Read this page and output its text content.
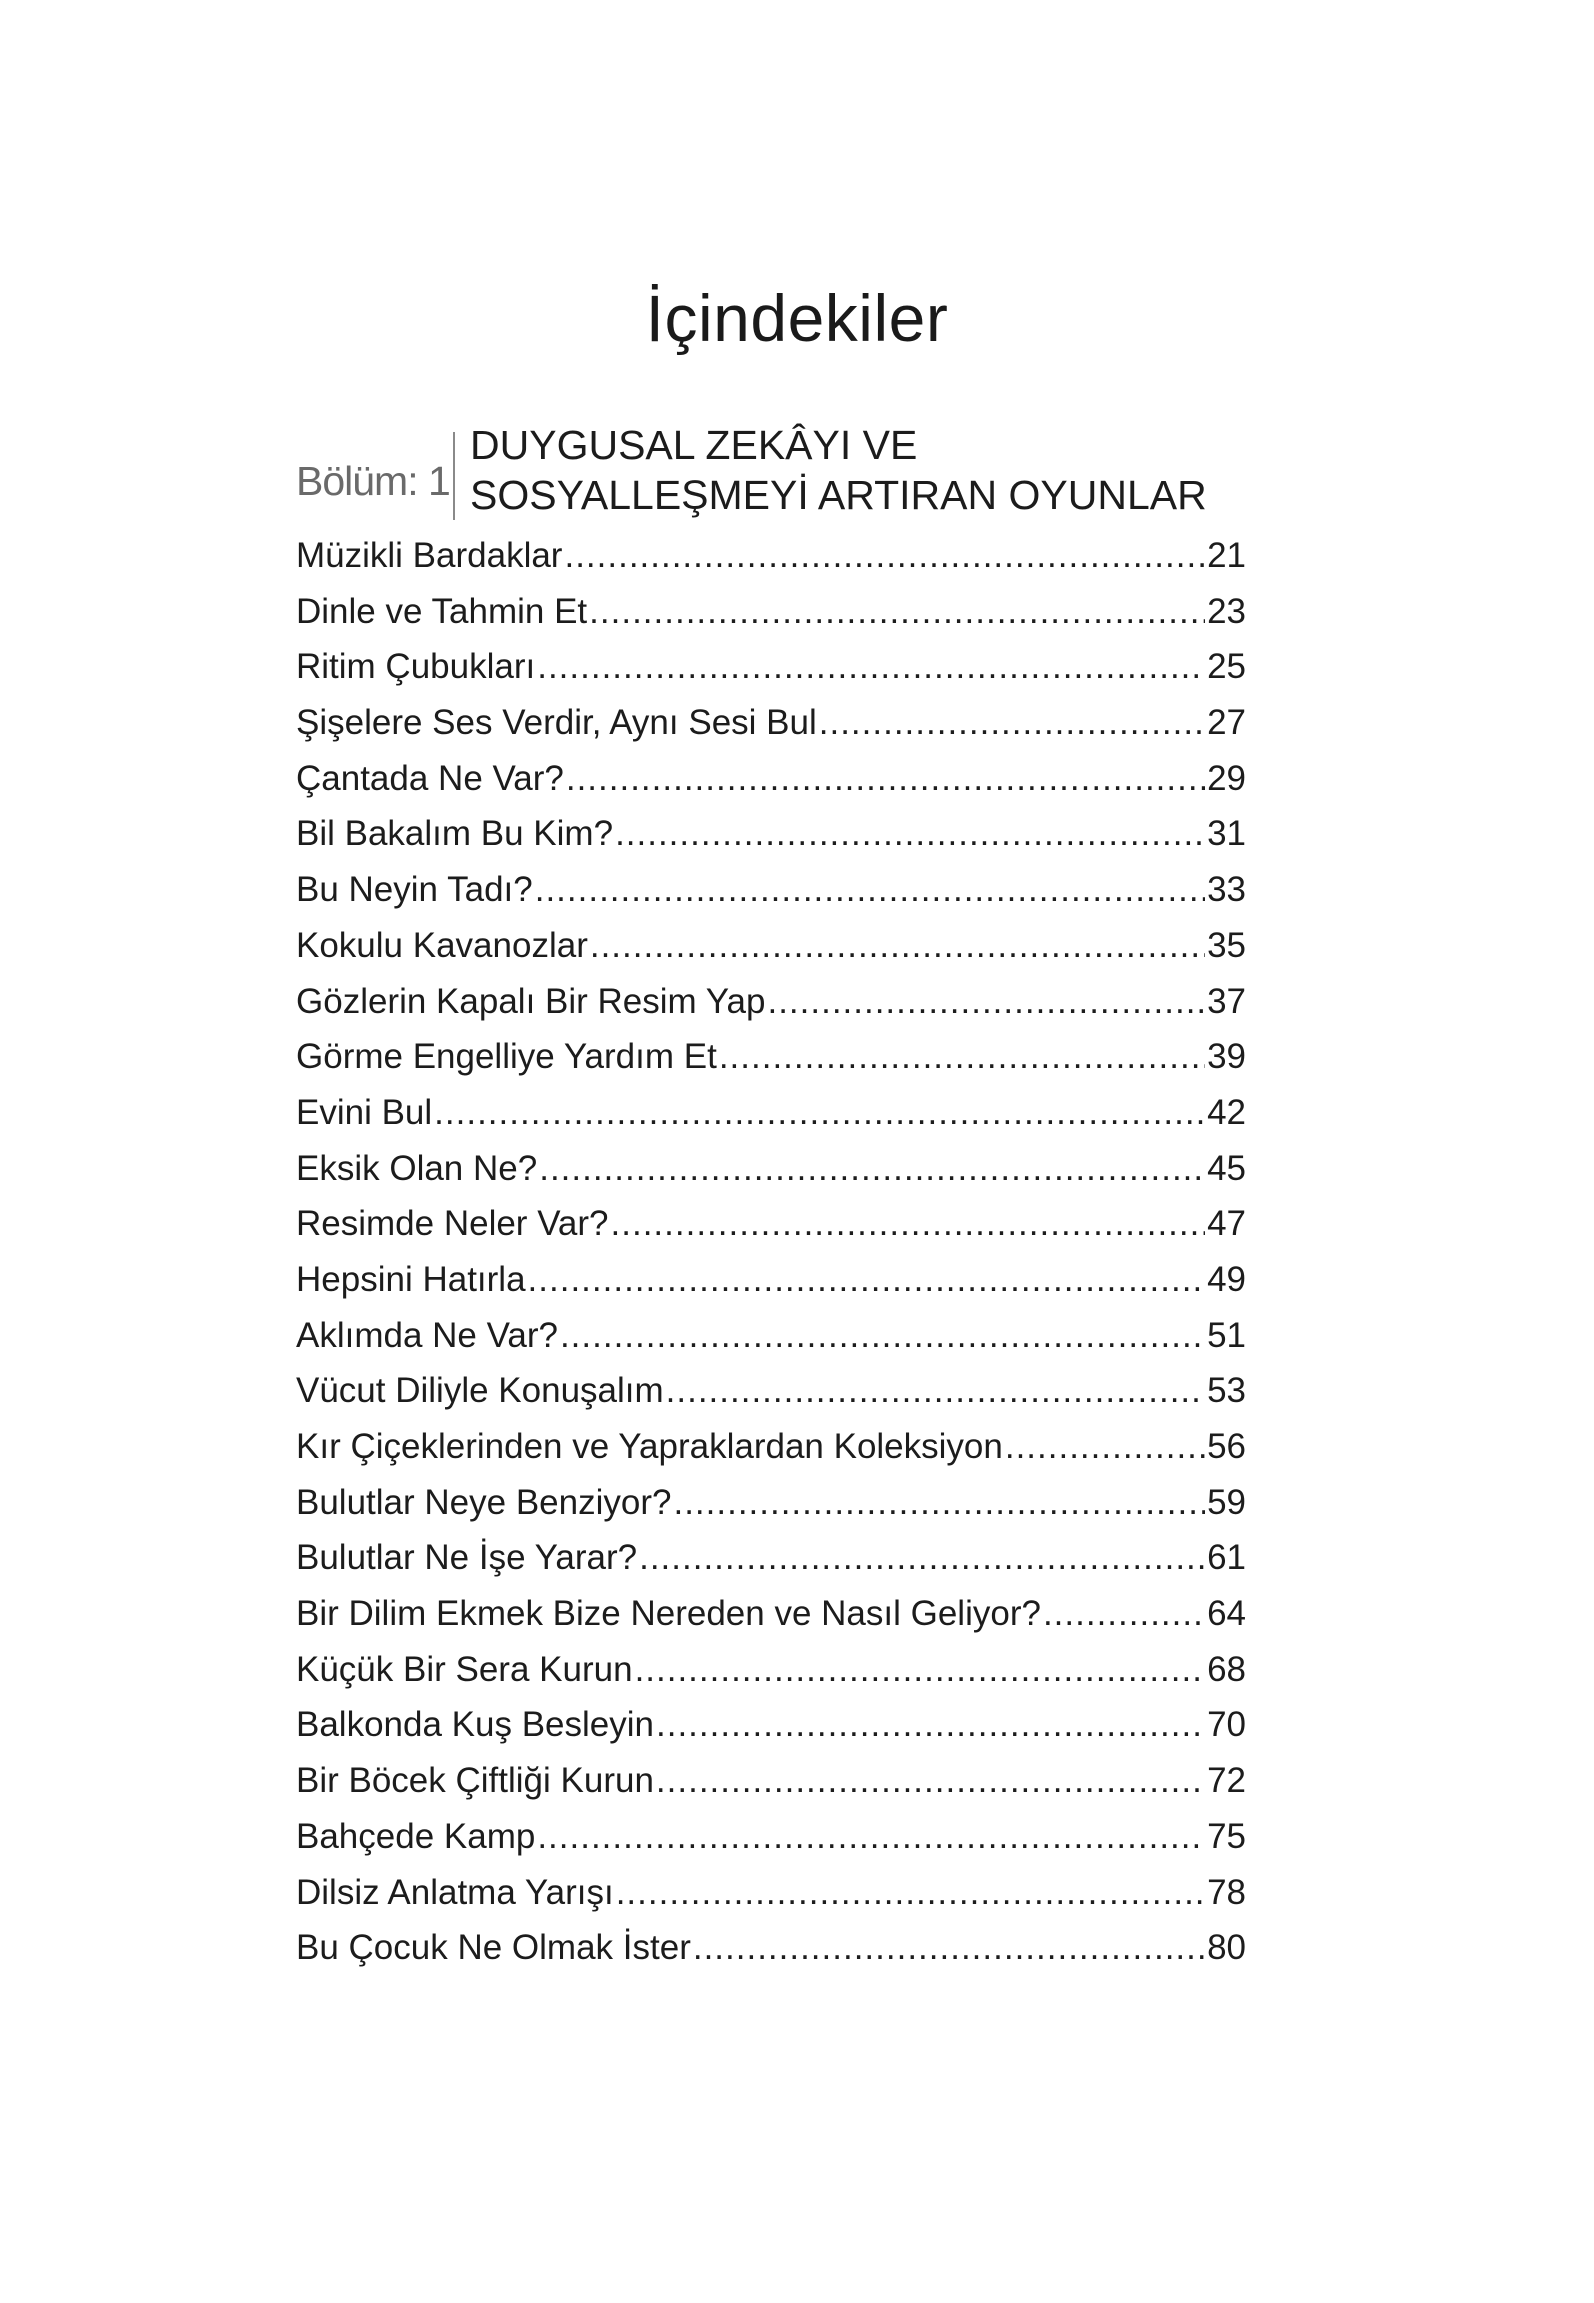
İçindekiler
Bölüm: 1
DUYGUSAL ZEKÂYI VE
SOSYALLEŞMEYİ ARTIRAN OYUNLAR
Müzikli Bardaklar .....	21
Dinle ve Tahmin Et .....	23
Ritim Çubukları .....	25
Şişelere Ses Verdir, Aynı Sesi Bul .....	27
Çantada Ne Var? .....	29
Bil Bakalım Bu Kim? .....	31
Bu Neyin Tadı? .....	33
Kokulu Kavanozlar .....	35
Gözlerin Kapalı Bir Resim Yap .....	37
Görme Engelliye Yardım Et .....	39
Evini Bul .....	42
Eksik Olan Ne? .....	45
Resimde Neler Var? .....	47
Hepsini Hatırla .....	49
Aklımda Ne Var? .....	51
Vücut Diliyle Konuşalım .....	53
Kır Çiçeklerinden ve Yapraklardan Koleksiyon .....	56
Bulutlar Neye Benziyor? .....	59
Bulutlar Ne İşe Yarar? .....	61
Bir Dilim Ekmek Bize Nereden ve Nasıl Geliyor? .....	64
Küçük Bir Sera Kurun .....	68
Balkonda Kuş Besleyin .....	70
Bir Böcek Çiftliği Kurun .....	72
Bahçede Kamp .....	75
Dilsiz Anlatma Yarışı .....	78
Bu Çocuk Ne Olmak İster .....	80
